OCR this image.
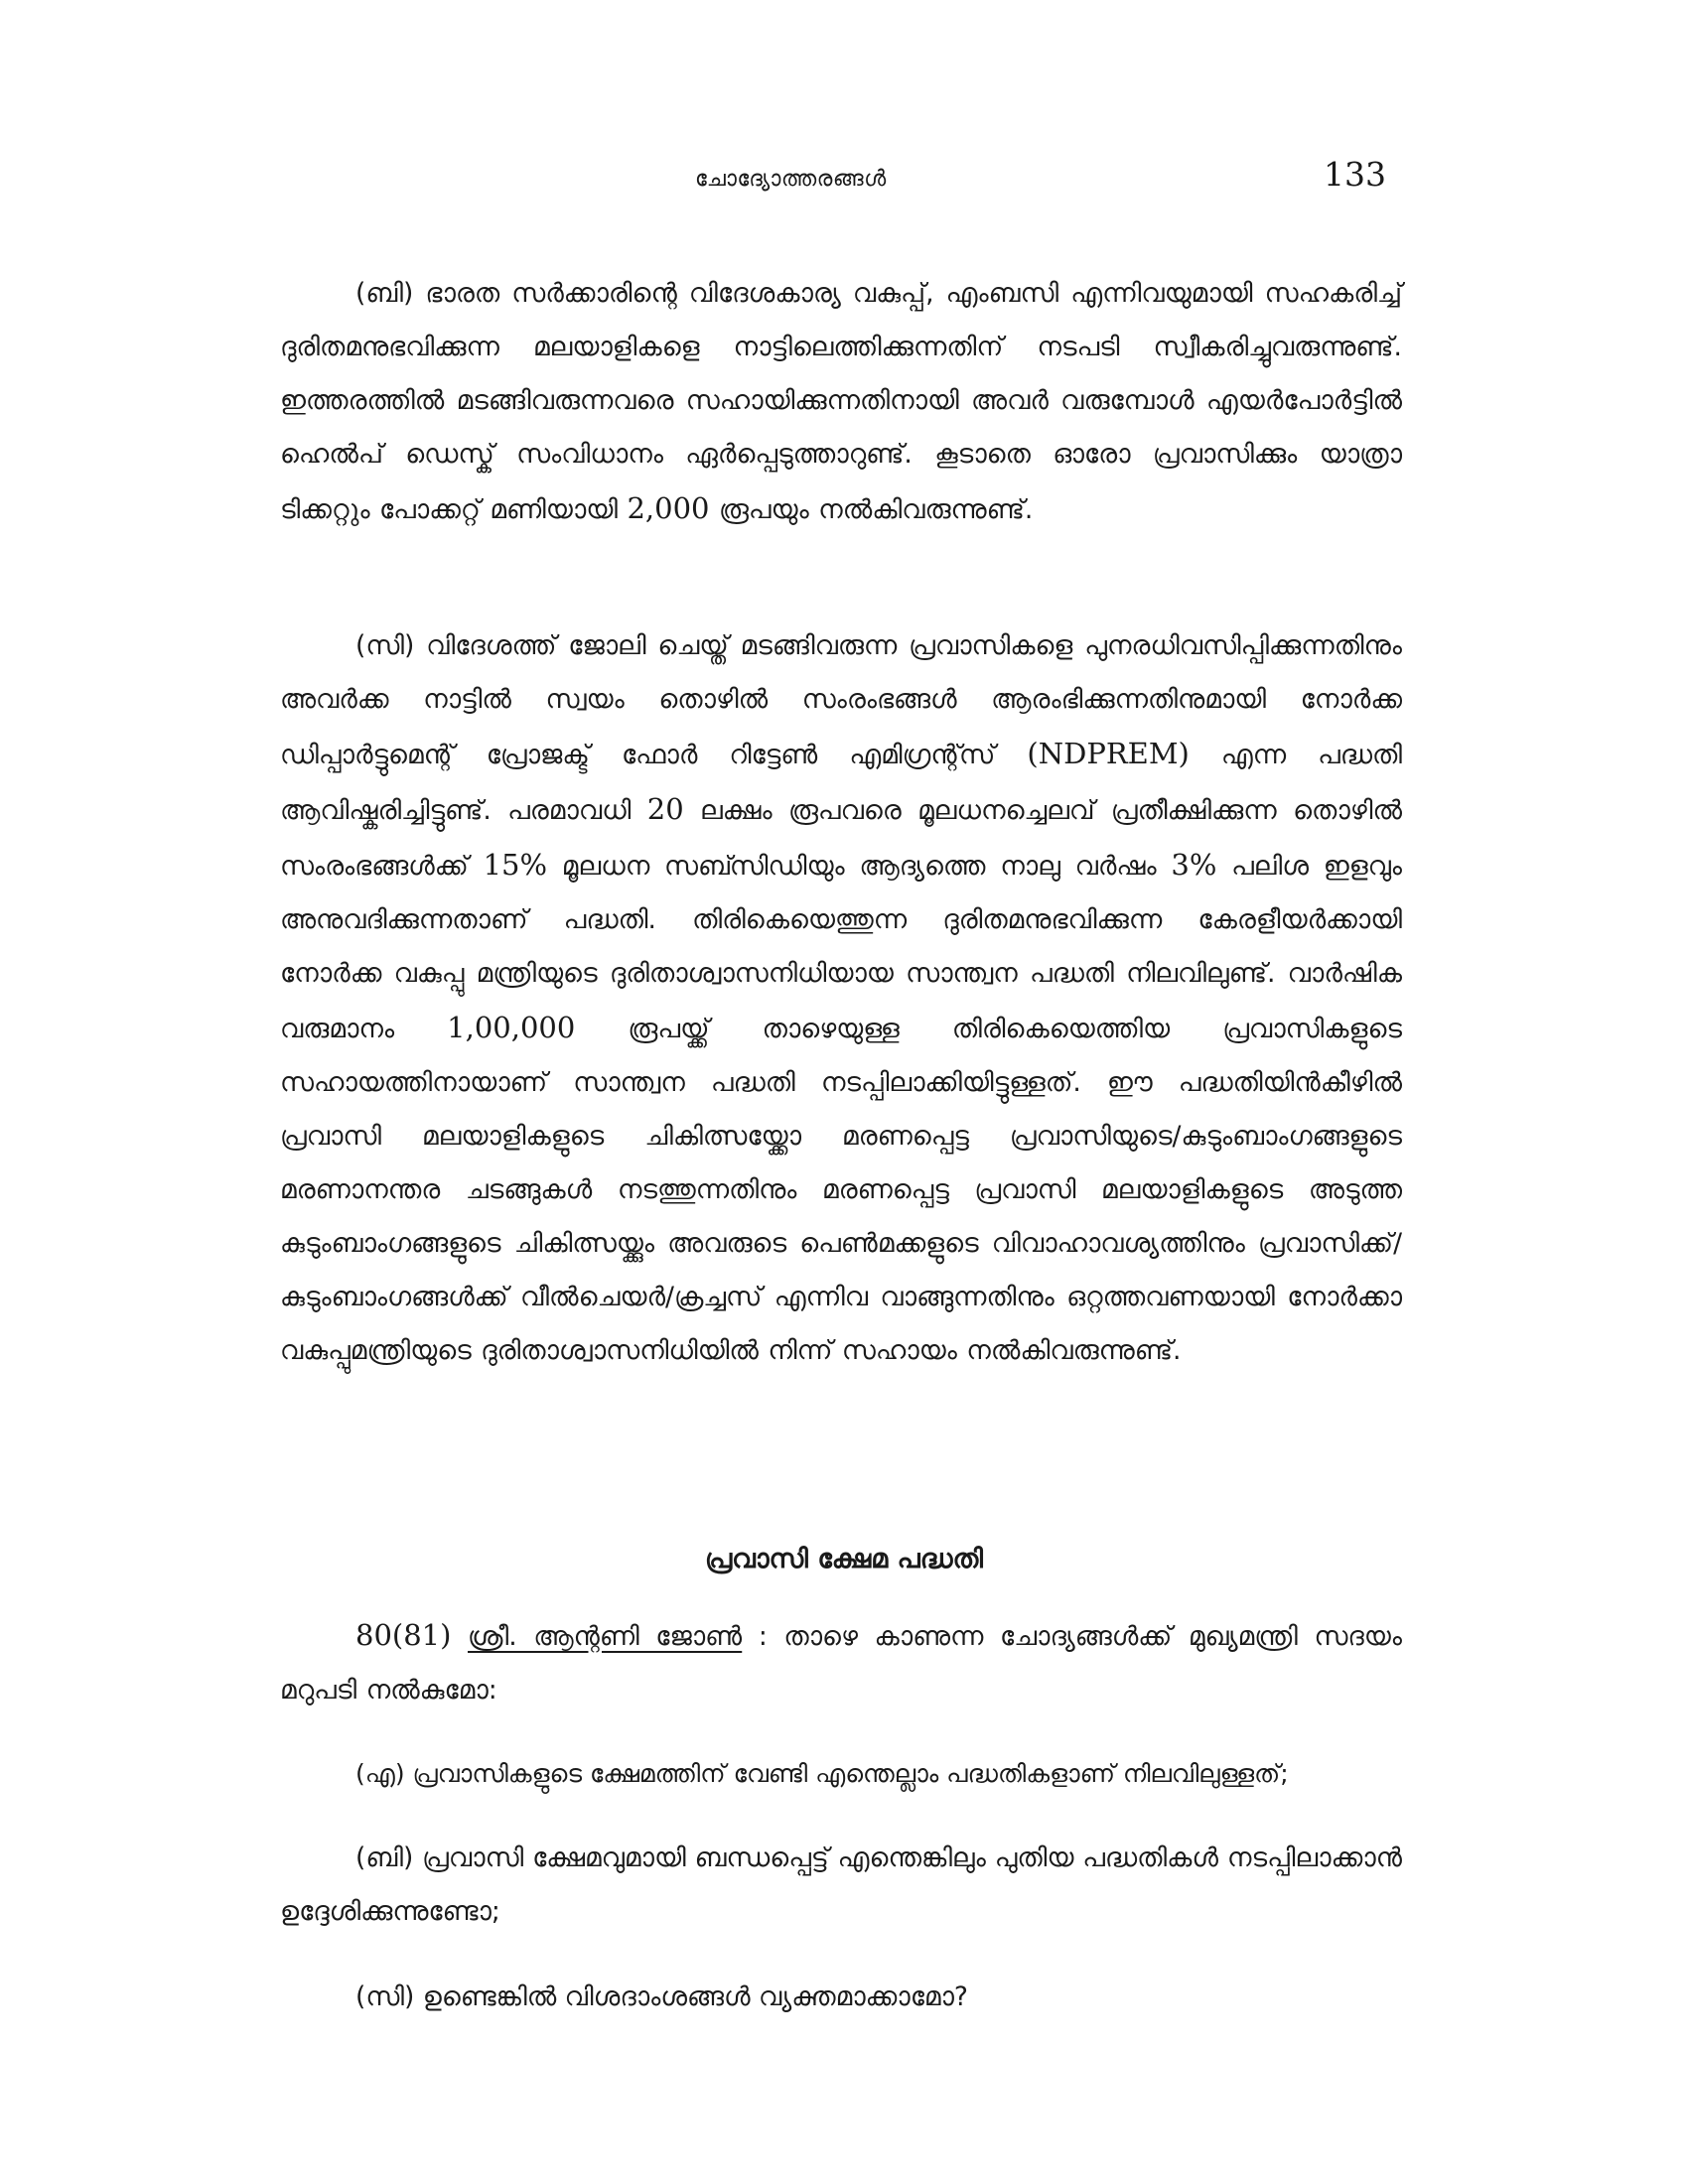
ചോദ്യോത്തരങ്ങൾ	133

(ബി) ഭാരത സർക്കാരിന്റെ വിദേശകാര്യ വകുപ്പ്, എംബസി എന്നിവയുമായി സഹകരിച്ച് ദുരിതമനുഭവിക്കുന്ന മലയാളികളെ നാട്ടിലെത്തിക്കുന്നതിന് നടപടി സ്വീകരിച്ചുവരുന്നുണ്ട്. ഇത്തരത്തിൽ മടങ്ങിവരുന്നവരെ സഹായിക്കുന്നതിനായി അവർ വരുമ്പോൾ എയർപോർട്ടിൽ ഹെൽപ് ഡെസ്ക് സംവിധാനം ഏർപ്പെടുത്താറുണ്ട്. കൂടാതെ ഓരോ പ്രവാസിക്കും യാത്രാ ടിക്കറ്റും പോക്കറ്റ് മണിയായി 2,000 രൂപയും നൽകിവരുന്നുണ്ട്.

(സി) വിദേശത്ത് ജോലി ചെയ്ത് മടങ്ങിവരുന്ന പ്രവാസികളെ പുനരധിവസിപ്പിക്കുന്നതിനും അവർക്ക നാട്ടിൽ സ്വയം തൊഴിൽ സംരംഭങ്ങൾ ആരംഭിക്കുന്നതിനുമായി നോർക്ക ഡിപ്പാർട്ടുമെന്റ് പ്രോജക്ട് ഫോർ റിട്ടേൺ എമിഗ്രന്റ്സ് (NDPREM) എന്ന പദ്ധതി ആവിഷ്കരിച്ചിട്ടുണ്ട്. പരമാവധി 20 ലക്ഷം രൂപവരെ മൂലധനച്ചെലവ് പ്രതീക്ഷിക്കുന്ന തൊഴിൽ സംരംഭങ്ങൾക്ക് 15% മൂലധന സബ്സിഡിയും ആദ്യത്തെ നാലു വർഷം 3% പലിശ ഇളവും അനുവദിക്കുന്നതാണ് പദ്ധതി. തിരികെയെത്തുന്ന ദുരിതമനുഭവിക്കുന്ന കേരളീയർക്കായി നോർക്ക വകുപ്പു മന്ത്രിയുടെ ദുരിതാശ്വാസനിധിയായ സാന്ത്വന പദ്ധതി നിലവിലുണ്ട്. വാർഷിക വരുമാനം 1,00,000 രൂപയ്ക്ക് താഴെയുള്ള തിരികെയെത്തിയ പ്രവാസികളുടെ സഹായത്തിനായാണ് സാന്ത്വന പദ്ധതി നടപ്പിലാക്കിയിട്ടുള്ളത്. ഈ പദ്ധതിയിൻകീഴിൽ പ്രവാസി മലയാളികളുടെ ചികിത്സയ്ക്കോ മരണപ്പെട്ട പ്രവാസിയുടെ/കുടുംബാംഗങ്ങളുടെ മരണാനന്തര ചടങ്ങുകൾ നടത്തുന്നതിനും മരണപ്പെട്ട പ്രവാസി മലയാളികളുടെ അടുത്ത കുടുംബാംഗങ്ങളുടെ ചികിത്സയ്ക്കും അവരുടെ പെൺമക്കളുടെ വിവാഹാവശ്യത്തിനും പ്രവാസിക്ക്/കുടുംബാംഗങ്ങൾക്ക് വീൽചെയർ/ക്രച്ചസ് എന്നിവ വാങ്ങുന്നതിനും ഒറ്റത്തവണയായി നോർക്കാ വകുപ്പുമന്ത്രിയുടെ ദുരിതാശ്വാസനിധിയിൽ നിന്ന് സഹായം നൽകിവരുന്നുണ്ട്.

പ്രവാസി ക്ഷേമ പദ്ധതി

80(81) ശ്രീ. ആന്റണി ജോൺ : താഴെ കാണുന്ന ചോദ്യങ്ങൾക്ക് മുഖ്യമന്ത്രി സദയം മറുപടി നൽകുമോ:

(എ) പ്രവാസികളുടെ ക്ഷേമത്തിന് വേണ്ടി എന്തെല്ലാം പദ്ധതികളാണ് നിലവിലുള്ളത്;

(ബി) പ്രവാസി ക്ഷേമവുമായി ബന്ധപ്പെട്ട് എന്തെങ്കിലും പുതിയ പദ്ധതികൾ നടപ്പിലാക്കാൻ ഉദ്ദേശിക്കുന്നുണ്ടോ;

(സി) ഉണ്ടെങ്കിൽ വിശദാംശങ്ങൾ വ്യക്തമാക്കാമോ?
